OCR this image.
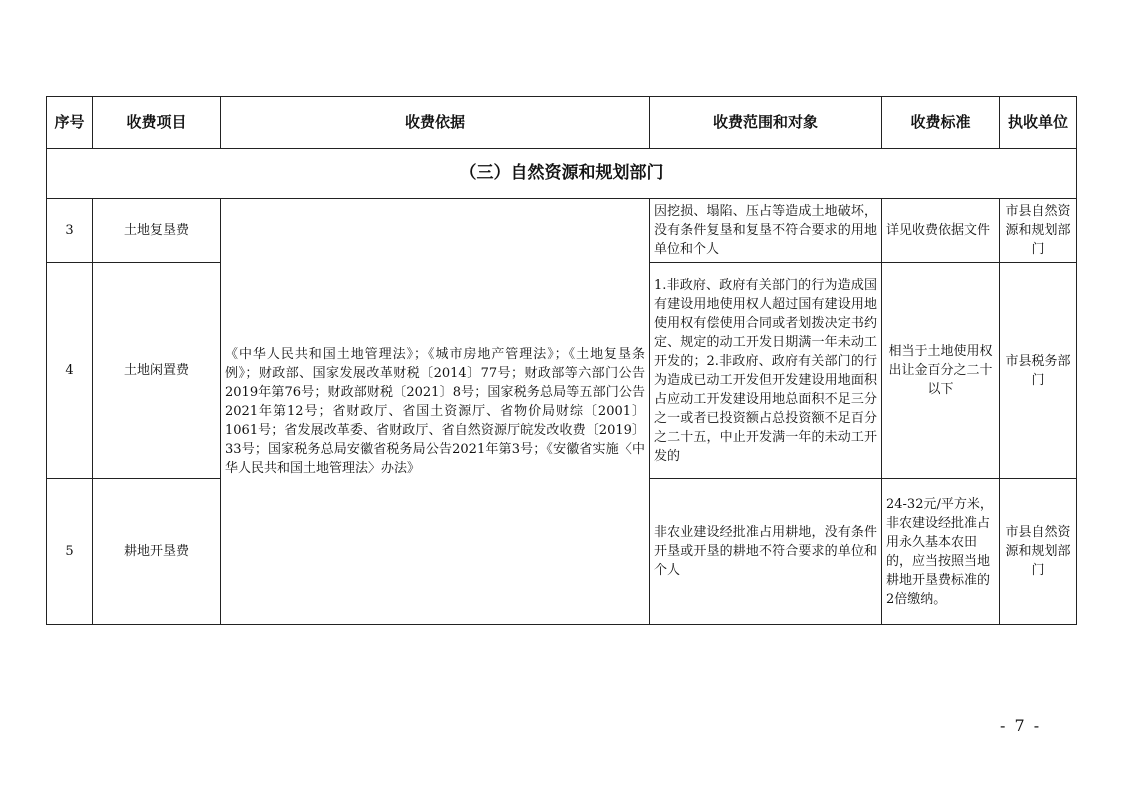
序号	收费项目	收费依据	收费范围和对象	收费标准	执收单位
（三）自然资源和规划部门					
3	土地复垦费	《中华人民共和国土地管理法》；《城市房地产管理法》；《土地复垦条例》；财政部、国家发展改革财税〔2014〕77号；财政部等六部门公告2019年第76号；财政部财税〔2021〕8号；国家税务总局等五部门公告2021年第12号；省财政厅、省国土资源厅、省物价局财综〔2001〕1061号；省发展改革委、省财政厅、省自然资源厅皖发改收费〔2019〕33号；国家税务总局安徽省税务局公告2021年第3号；《安徽省实施〈中华人民共和国土地管理法〉办法》	因挖损、塌陷、压占等造成土地破坏，没有条件复垦和复垦不符合要求的用地单位和个人	详见收费依据文件	市县自然资源和规划部门
4	土地闲置费		1.非政府、政府有关部门的行为造成国有建设用地使用权人超过国有建设用地使用权有偿使用合同或者划拨决定书约定、规定的动工开发日期满一年未动工开发的；2.非政府、政府有关部门的行为造成已动工开发但开发建设用地面积占应动工开发建设用地总面积不足三分之一或者已投资额占总投资额不足百分之二十五，中止开发满一年的未动工开发的	相当于土地使用权出让金百分之二十以下	市县税务部门
5	耕地开垦费		非农业建设经批准占用耕地，没有条件开垦或开垦的耕地不符合要求的单位和个人	24-32元/平方米，非农建设经批准占用永久基本农田的，应当按照当地耕地开垦费标准的 2倍缴纳。	市县自然资源和规划部门
- 7 -
